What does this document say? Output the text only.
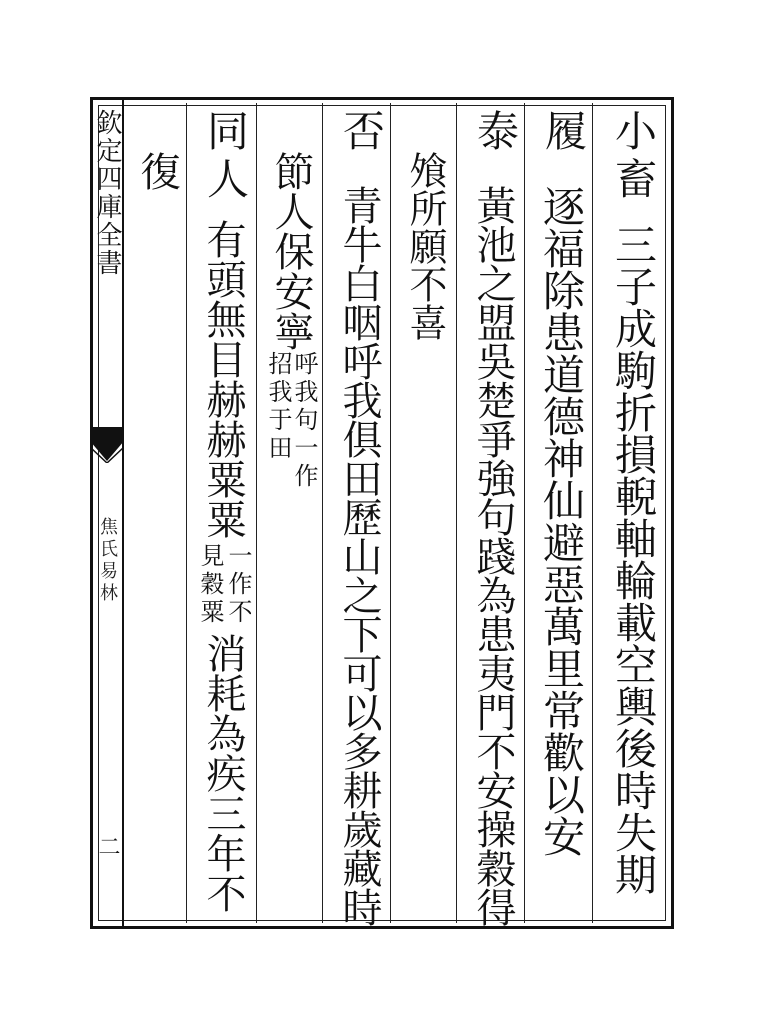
欽定四庫全書
焦氏易林
二
小畜
三子成駒折損輗軸輪載空輿後時失期
履
逐福除患道德神仙避惡萬里常歡以安
泰
黃池之盟吳楚爭強句踐為患夷門不安操穀得
飧所願不喜
否
青牛白咽呼我俱田歷山之下可以多耕歲藏時
節人保安寧
呼我句一作
招我于田
同人
有頭無目赫赫粟粟
一作不
見穀粟
消耗為疾三年不
復
